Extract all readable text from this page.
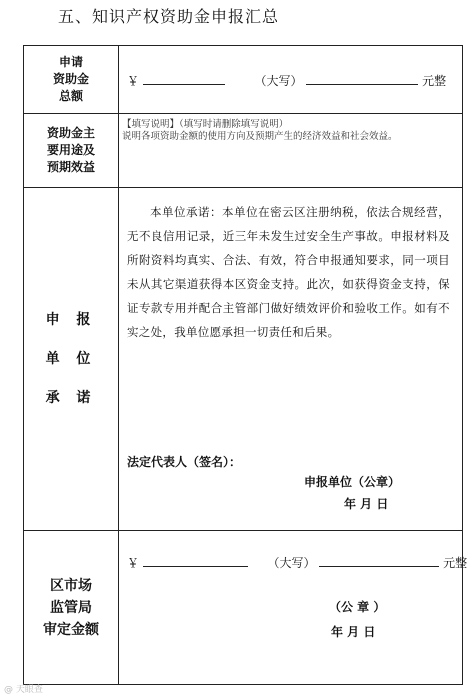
五、知识产权资助金申报汇总
申请
资助金
总额
￥	（大写）	元整
资助金主
要用途及
预期效益
【填写说明】（填写时请删除填写说明）
说明各项资助金额的使用方向及预期产生的经济效益和社会效益。
申 报
单 位
承 诺
本单位承诺：本单位在密云区注册纳税，依法合规经营，无不良信用记录，近三年未发生过安全生产事故。申报材料及所附资料均真实、合法、有效，符合申报通知要求，同一项目未从其它渠道获得本区资金支持。此次，如获得资金支持，保证专款专用并配合主管部门做好绩效评价和验收工作。如有不实之处，我单位愿承担一切责任和后果。
法定代表人（签名）：
申报单位（公章）
年 月 日
区市场
监管局
审定金额
￥	（大写）	元整
（公 章 ）
年 月 日
@ 天眼查
